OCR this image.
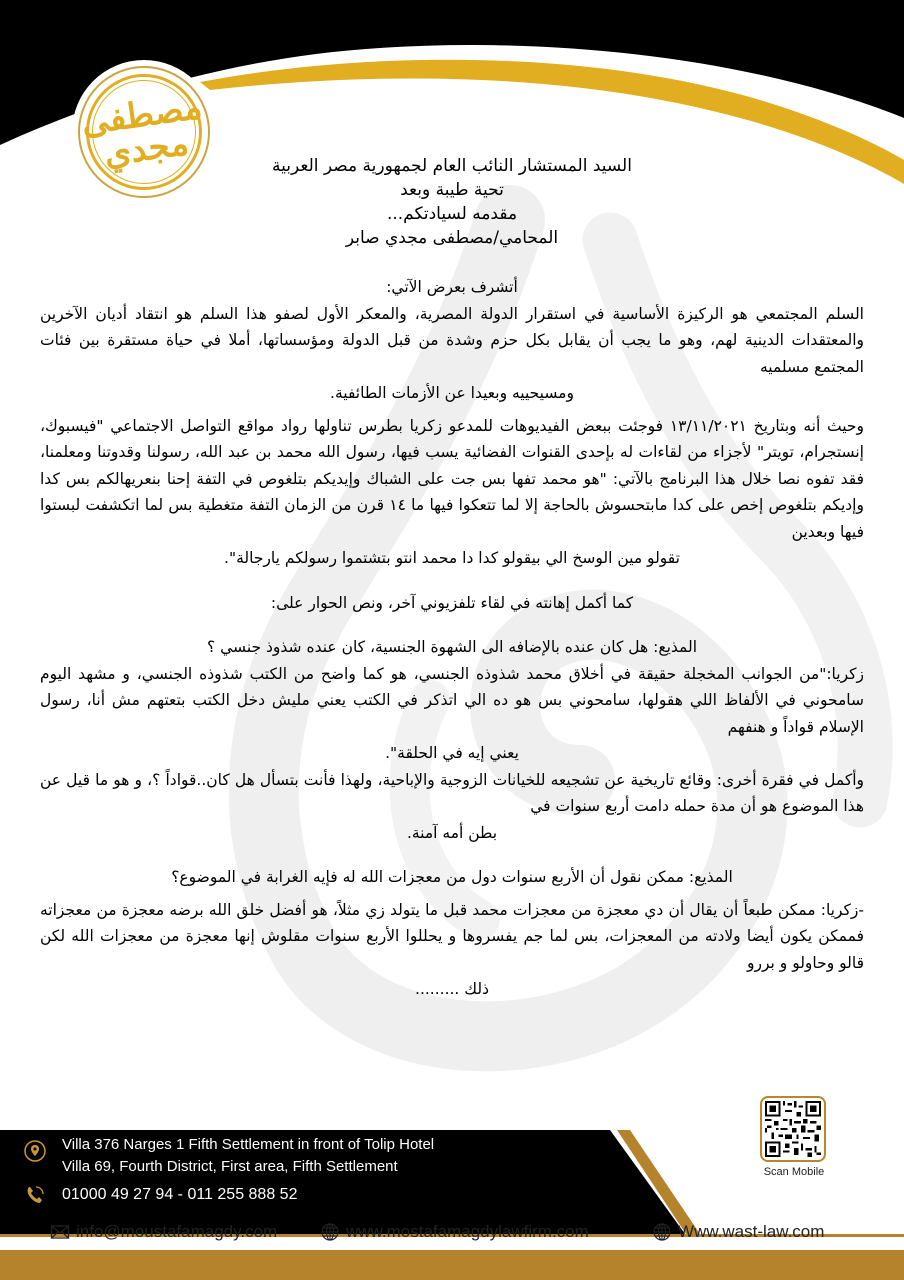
مصطفى مجدي	السيد المستشار النائب العام لجمهورية مصر العربية
تحية طيبة وبعد
مقدمه لسيادتكم...
المحامي/مصطفى مجدي صابر

أتشرف بعرض الآتي:

السلم المجتمعي هو الركيزة الأساسية في استقرار الدولة المصرية، والمعكر الأول لصفو هذا السلم هو انتقاد أديان الآخرين والمعتقدات الدينية لهم، وهو ما يجب أن يقابل بكل حزم وشدة من قبل الدولة ومؤسساتها، أملا في حياة مستقرة بين فئات المجتمع مسلميه

ومسيحييه وبعيدا عن الأزمات الطائفية.

وحيث أنه وبتاريخ ١٣/١١/٢٠٢١ فوجئت ببعض الفيديوهات للمدعو زكريا بطرس تناولها رواد مواقع التواصل الاجتماعي "فيسبوك، إنستجرام، تويتر" لأجزاء من لقاءات له بإحدى القنوات الفضائية يسب فيها، رسول الله محمد بن عبد الله، رسولنا وقدوتنا ومعلمنا، فقد تفوه نصا خلال هذا البرنامج بالآتي: "هو محمد تفها بس جت على الشباك وإيديكم بتلغوص في التفة إحنا بنعريهالكم بس كدا وإديكم بتلغوص إخص على كدا مابتحسوش بالحاجة إلا لما تتعكوا فيها ما ١٤ قرن من الزمان التفة متغطية بس لما اتكشفت لبستوا فيها وبعدين

تقولو مين الوسخ الي بيقولو كدا دا محمد انتو بتشتموا رسولكم يارجالة".

كما أكمل إهانته في لقاء تلفزيوني آخر، ونص الحوار على:

المذيع: هل كان عنده بالإضافه الى الشهوة الجنسية، كان عنده شذوذ جنسي ؟

زكريا:"من الجوانب المخجلة حقيقة في أخلاق محمد شذوذه الجنسي، هو كما واضح من الكتب شذوذه الجنسي، و مشهد اليوم سامحوني في الألفاظ اللي هقولها، سامحوني بس هو ده الي اتذكر في الكتب يعني مليش دخل الكتب بتعتهم مش أنا، رسول الإسلام قواداً و هنفهم

يعني إيه في الحلقة".

وأكمل في فقرة أخرى: وقائع تاريخية عن تشجيعه للخيانات الزوجية والإباحية، ولهذا فأنت بتسأل هل كان..قواداً ؟، و هو ما قيل عن هذا الموضوع هو أن مدة حمله دامت أربع سنوات في

بطن أمه آمنة.

المذيع: ممكن نقول أن الأربع سنوات دول من معجزات الله له فإيه الغرابة في الموضوع؟

-زكريا: ممكن طبعاً أن يقال أن دي معجزة من معجزات محمد قبل ما يتولد زي مثلاً، هو أفضل خلق الله برضه معجزة من معجزاته فممكن يكون أيضا ولادته من المعجزات، بس لما جم يفسروها و يحللوا الأربع سنوات مقلوش إنها معجزة من معجزات الله لكن قالو وحاولو و بررو

ذلك .........

Villa 376 Narges 1 Fifth Settlement in front of Tolip Hotel
Villa 69, Fourth District, First area, Fifth Settlement
01000 49 27 94 - 011 255 888 52
Scan Mobile
info@moustafamagdy.com	www.mostafamagdylawfirm.com	Www.wast-law.com
